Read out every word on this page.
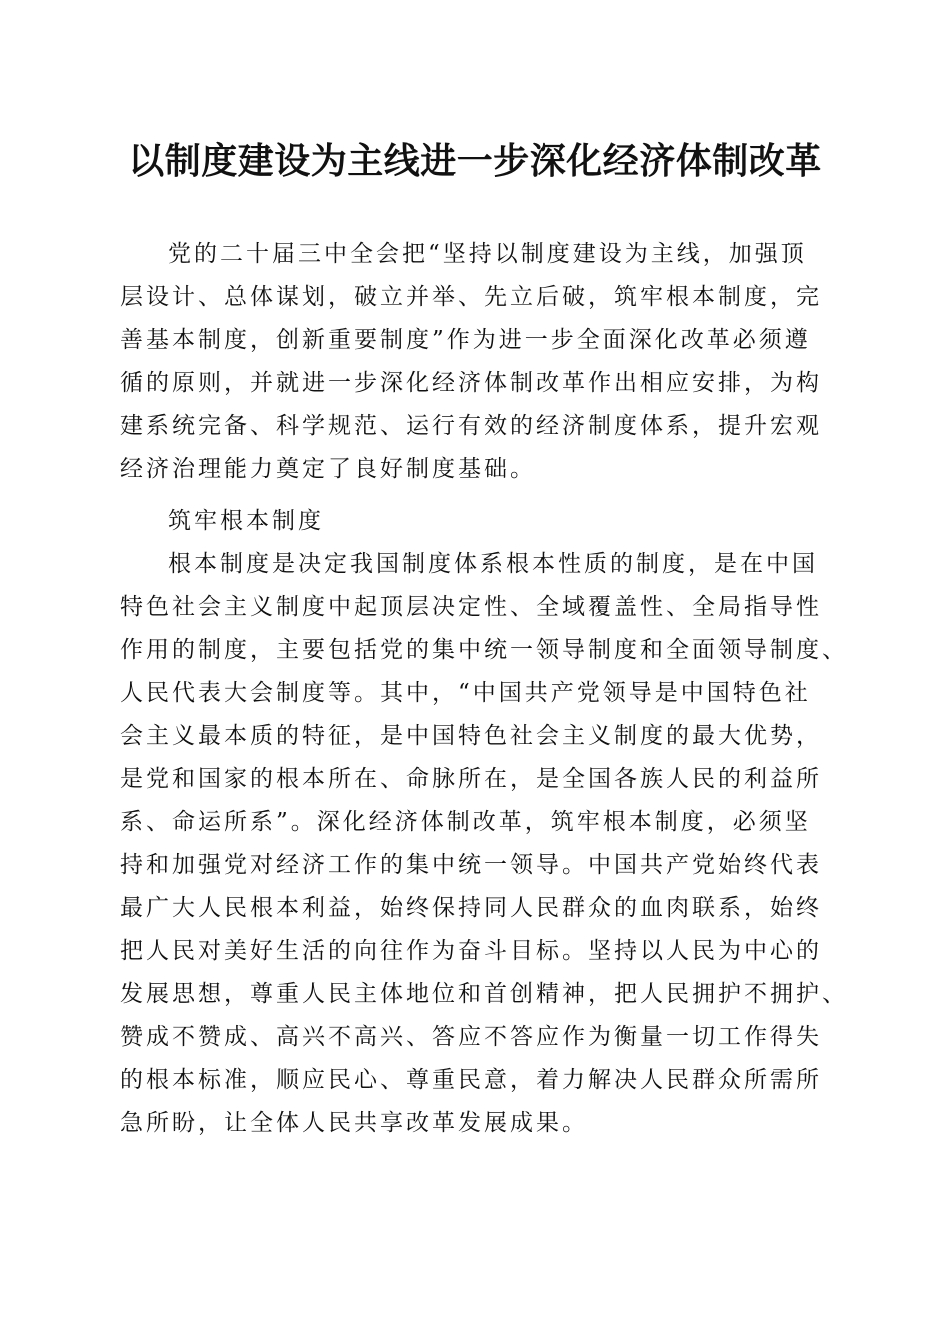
以制度建设为主线进一步深化经济体制改革

党的二十届三中全会把“坚持以制度建设为主线，加强顶

层设计、总体谋划，破立并举、先立后破，筑牢根本制度，完

善基本制度，创新重要制度”作为进一步全面深化改革必须遵

循的原则，并就进一步深化经济体制改革作出相应安排，为构

建系统完备、科学规范、运行有效的经济制度体系，提升宏观

经济治理能力奠定了良好制度基础。

筑牢根本制度

根本制度是决定我国制度体系根本性质的制度，是在中国

特色社会主义制度中起顶层决定性、全域覆盖性、全局指导性

作用的制度，主要包括党的集中统一领导制度和全面领导制度、

人民代表大会制度等。其中，“中国共产党领导是中国特色社

会主义最本质的特征，是中国特色社会主义制度的最大优势，

是党和国家的根本所在、命脉所在，是全国各族人民的利益所

系、命运所系”。深化经济体制改革，筑牢根本制度，必须坚

持和加强党对经济工作的集中统一领导。中国共产党始终代表

最广大人民根本利益，始终保持同人民群众的血肉联系，始终

把人民对美好生活的向往作为奋斗目标。坚持以人民为中心的

发展思想，尊重人民主体地位和首创精神，把人民拥护不拥护、

赞成不赞成、高兴不高兴、答应不答应作为衡量一切工作得失

的根本标准，顺应民心、尊重民意，着力解决人民群众所需所

急所盼，让全体人民共享改革发展成果。
